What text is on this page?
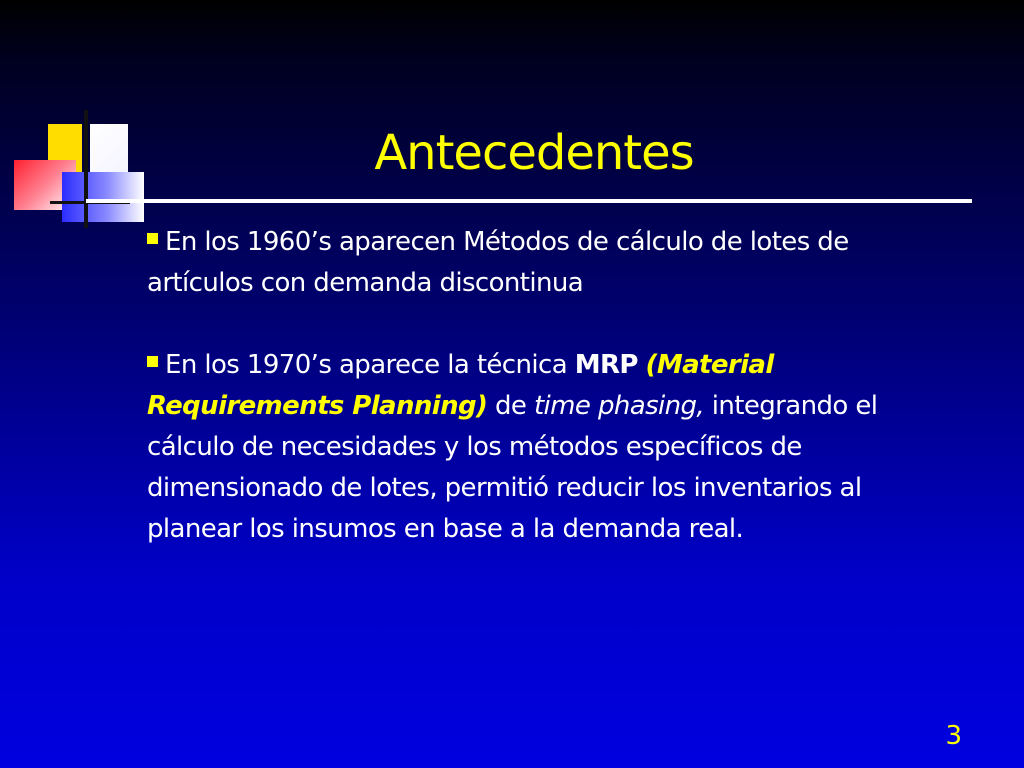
Antecedentes

En los 1960’s aparecen Métodos de cálculo de lotes de artículos con demanda discontinua

En los 1970’s aparece la técnica MRP (Material Requirements Planning) de time phasing, integrando el cálculo de necesidades y los métodos específicos de dimensionado de lotes, permitió reducir los inventarios al planear los insumos en base a la demanda real.

3
